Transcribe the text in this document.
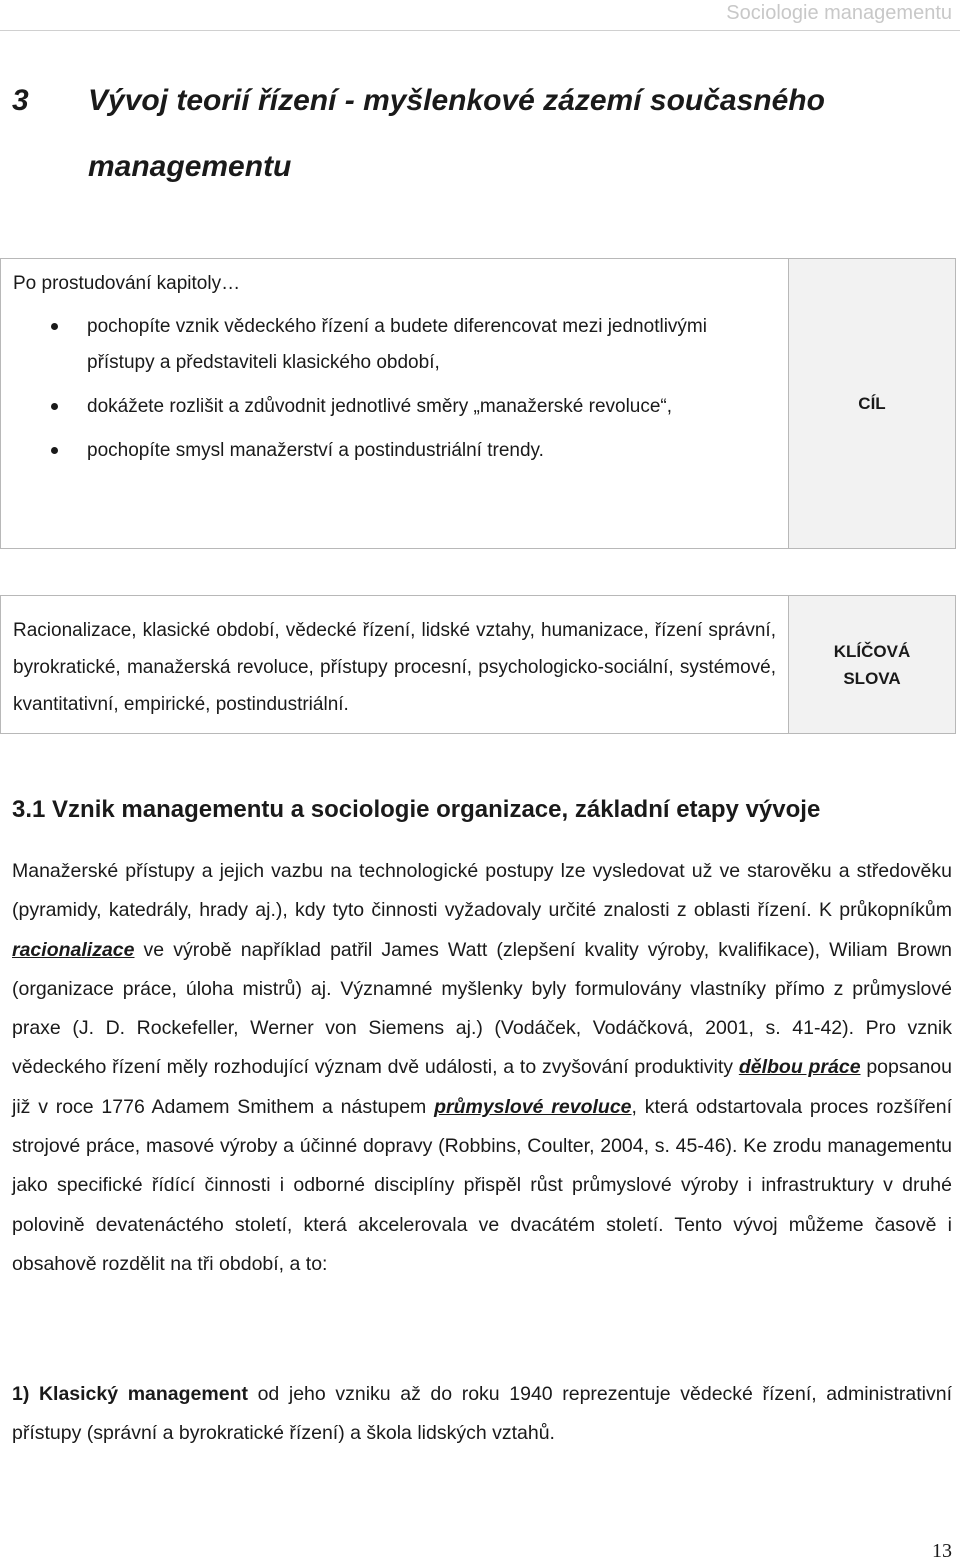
Sociologie managementu
3 Vývoj teorií řízení - myšlenkové zázemí současného
managementu

Po prostudování kapitoly…

pochopíte vznik vědeckého řízení a budete diferencovat mezi jednotlivými přístupy a představiteli klasického období,
dokážete rozlišit a zdůvodnit jednotlivé směry „manažerské revoluce“,
pochopíte smysl manažerství a postindustriální trendy.
CÍL
Racionalizace, klasické období, vědecké řízení, lidské vztahy, humanizace, řízení správní, byrokratické, manažerská revoluce, přístupy procesní, psychologicko-sociální, systémové, kvantitativní, empirické, postindustriální.
KLÍČOVÁ
SLOVA
3.1 Vznik managementu a sociologie organizace, základní etapy vývoje

Manažerské přístupy a jejich vazbu na technologické postupy lze vysledovat už ve starověku a středověku (pyramidy, katedrály, hrady aj.), kdy tyto činnosti vyžadovaly určité znalosti z oblasti řízení. K průkopníkům racionalizace ve výrobě například patřil James Watt (zlepšení kvality výroby, kvalifikace), Wiliam Brown (organizace práce, úloha mistrů) aj. Významné myšlenky byly formulovány vlastníky přímo z průmyslové praxe (J. D. Rockefeller, Werner von Siemens aj.) (Vodáček, Vodáčková, 2001, s. 41-42). Pro vznik vědeckého řízení měly rozhodující význam dvě události, a to zvyšování produktivity dělbou práce popsanou již v roce 1776 Adamem Smithem a nástupem průmyslové revoluce, která odstartovala proces rozšíření strojové práce, masové výroby a účinné dopravy (Robbins, Coulter, 2004, s. 45-46). Ke zrodu managementu jako specifické řídící činnosti i odborné disciplíny přispěl růst průmyslové výroby i infrastruktury v druhé polovině devatenáctého století, která akcelerovala ve dvacátém století. Tento vývoj můžeme časově i obsahově rozdělit na tři období, a to:

1) Klasický management od jeho vzniku až do roku 1940 reprezentuje vědecké řízení, administrativní přístupy (správní a byrokratické řízení) a škola lidských vztahů.

13
